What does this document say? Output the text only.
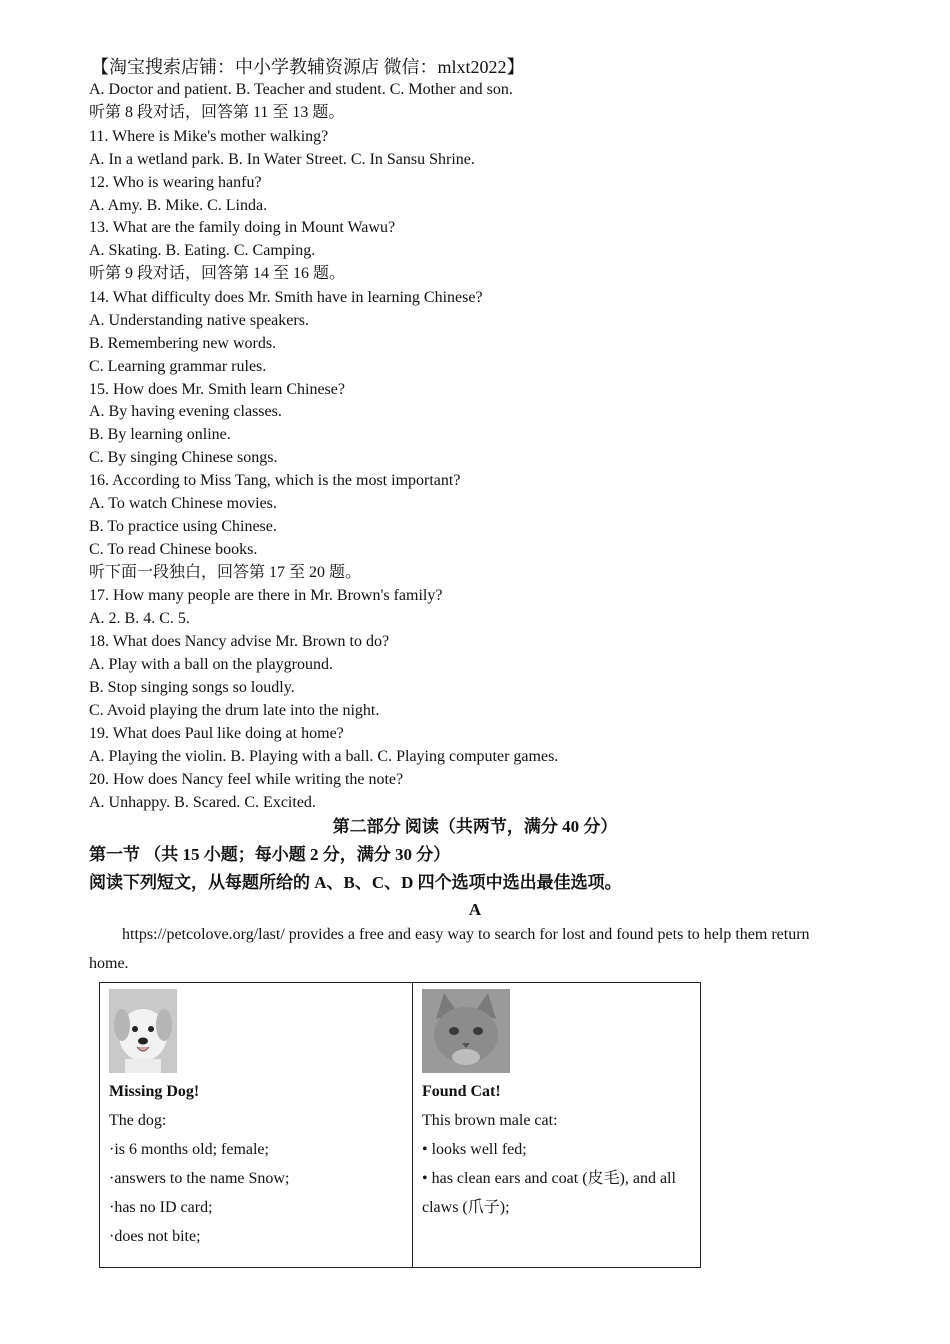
【淘宝搜索店铺：中小学教辅资源店 微信：mlxt2022】
A. Doctor and patient. B. Teacher and student. C. Mother and son.
听第 8 段对话，回答第 11 至 13 题。
11. Where is Mike's mother walking?
A. In a wetland park. B. In Water Street. C. In Sansu Shrine.
12. Who is wearing hanfu?
A. Amy. B. Mike. C. Linda.
13. What are the family doing in Mount Wawu?
A. Skating. B. Eating. C. Camping.
听第 9 段对话，回答第 14 至 16 题。
14. What difficulty does Mr. Smith have in learning Chinese?
A. Understanding native speakers.
B. Remembering new words.
C. Learning grammar rules.
15. How does Mr. Smith learn Chinese?
A. By having evening classes.
B. By learning online.
C. By singing Chinese songs.
16. According to Miss Tang, which is the most important?
A. To watch Chinese movies.
B. To practice using Chinese.
C. To read Chinese books.
听下面一段独白，回答第 17 至 20 题。
17. How many people are there in Mr. Brown's family?
A. 2. B. 4. C. 5.
18. What does Nancy advise Mr. Brown to do?
A. Play with a ball on the playground.
B. Stop singing songs so loudly.
C. Avoid playing the drum late into the night.
19. What does Paul like doing at home?
A. Playing the violin. B. Playing with a ball. C. Playing computer games.
20. How does Nancy feel while writing the note?
A. Unhappy. B. Scared. C. Excited.
第二部分 阅读（共两节，满分 40 分）
第一节 （共 15 小题；每小题 2 分，满分 30 分）
阅读下列短文，从每题所给的 A、B、C、D 四个选项中选出最佳选项。
A
https://petcolove.org/last/ provides a free and easy way to search for lost and found pets to help them return home.
Missing Dog!
The dog:
·is 6 months old; female;
·answers to the name Snow;
·has no ID card;
·does not bite;

Found Cat!
This brown male cat:
• looks well fed;
• has clean ears and coat (皮毛), and all claws (爪子);
